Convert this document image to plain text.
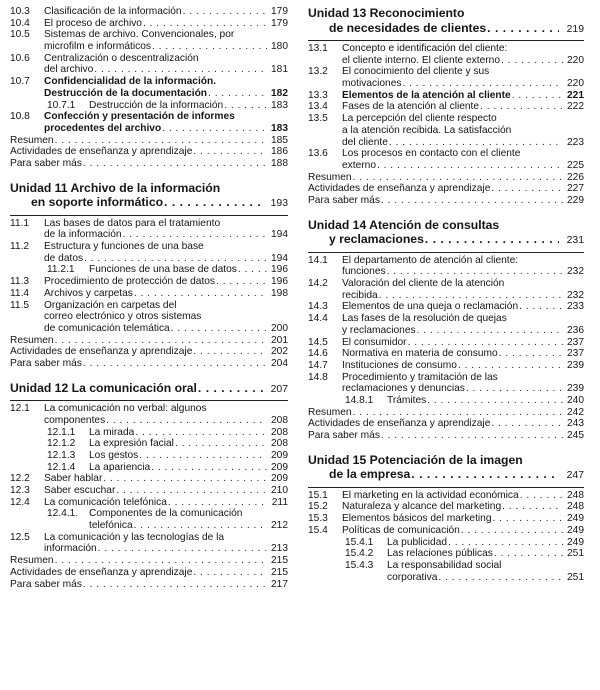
10.3 Clasificación de la información . . .	179
10.4 El proceso de archivo . . .	179
10.5 Sistemas de archivo. Convencionales, por
microfilm e informáticos . . .	180
10.6 Centralización o descentralización
del archivo . . .	181
10.7 Confidencialidad de la información.
Destrucción de la documentación . . .	182
10.7.1 Destrucción de la información . . .	183
10.8 Confección y presentación de informes
procedentes del archivo . . .	183
Resumen . . .	185
Actividades de enseñanza y aprendizaje . . .	186
Para saber más . . .	188
Unidad 11 Archivo de la información
en soporte informático . . .	193
11.1 Las bases de datos para el tratamiento
de la información . . .	194
11.2 Estructura y funciones de una base
de datos . . .	194
11.2.1 Funciones de una base de datos . . .	196
11.3 Procedimiento de protección de datos . . .	196
11.4 Archivos y carpetas . . .	198
11.5 Organización en carpetas del
correo electrónico y otros sistemas
de comunicación telemática . . .	200
Resumen . . .	201
Actividades de enseñanza y aprendizaje . . .	202
Para saber más . . .	204
Unidad 12 La comunicación oral . . .	207
12.1 La comunicación no verbal: algunos
componentes . . .	208
12.1.1 La mirada . . .	208
12.1.2 La expresión facial . . .	208
12.1.3 Los gestos . . .	209
12.1.4 La apariencia . . .	209
12.2 Saber hablar . . .	209
12.3 Saber escuchar . . .	210
12.4 La comunicación telefónica . . .	211
12.4.1. Componentes de la comunicación
telefónica . . .	212
12.5 La comunicación y las tecnologías de la
información . . .	213
Resumen . . .	215
Actividades de enseñanza y aprendizaje . . .	215
Para saber más . . .	217
Unidad 13 Reconocimiento
de necesidades de clientes . . .	219
13.1 Concepto e identificación del cliente:
el cliente interno. El cliente externo . . .	220
13.2 El conocimiento del cliente y sus
motivaciones . . .	220
13.3 Elementos de la atención al cliente . . .	221
13.4 Fases de la atención al cliente . . .	222
13.5 La percepción del cliente respecto
a la atención recibida. La satisfacción
del cliente . . .	223
13.6 Los procesos en contacto con el cliente
externo . . .	225
Resumen . . .	226
Actividades de enseñanza y aprendizaje . . .	227
Para saber más . . .	229
Unidad 14 Atención de consultas
y reclamaciones . . .	231
14.1 El departamento de atención al cliente:
funciones . . .	232
14.2 Valoración del cliente de la atención
recibida . . .	232
14.3 Elementos de una queja o reclamación . . .	233
14.4 Las fases de la resolución de quejas
y reclamaciones . . .	236
14.5 El consumidor . . .	237
14.6 Normativa en materia de consumo . . .	237
14.7 Instituciones de consumo . . .	239
14.8 Procedimiento y tramitación de las
reclamaciones y denuncias . . .	239
14.8.1 Trámites . . .	240
Resumen . . .	242
Actividades de enseñanza y aprendizaje . . .	243
Para saber más . . .	245
Unidad 15 Potenciación de la imagen
de la empresa . . .	247
15.1 El marketing en la actividad económica . . .	248
15.2 Naturaleza y alcance del marketing . . .	248
15.3 Elementos básicos del marketing . . .	249
15.4 Políticas de comunicación . . .	249
15.4.1 La publicidad . . .	249
15.4.2 Las relaciones públicas . . .	251
15.4.3 La responsabilidad social
corporativa . . .	251
